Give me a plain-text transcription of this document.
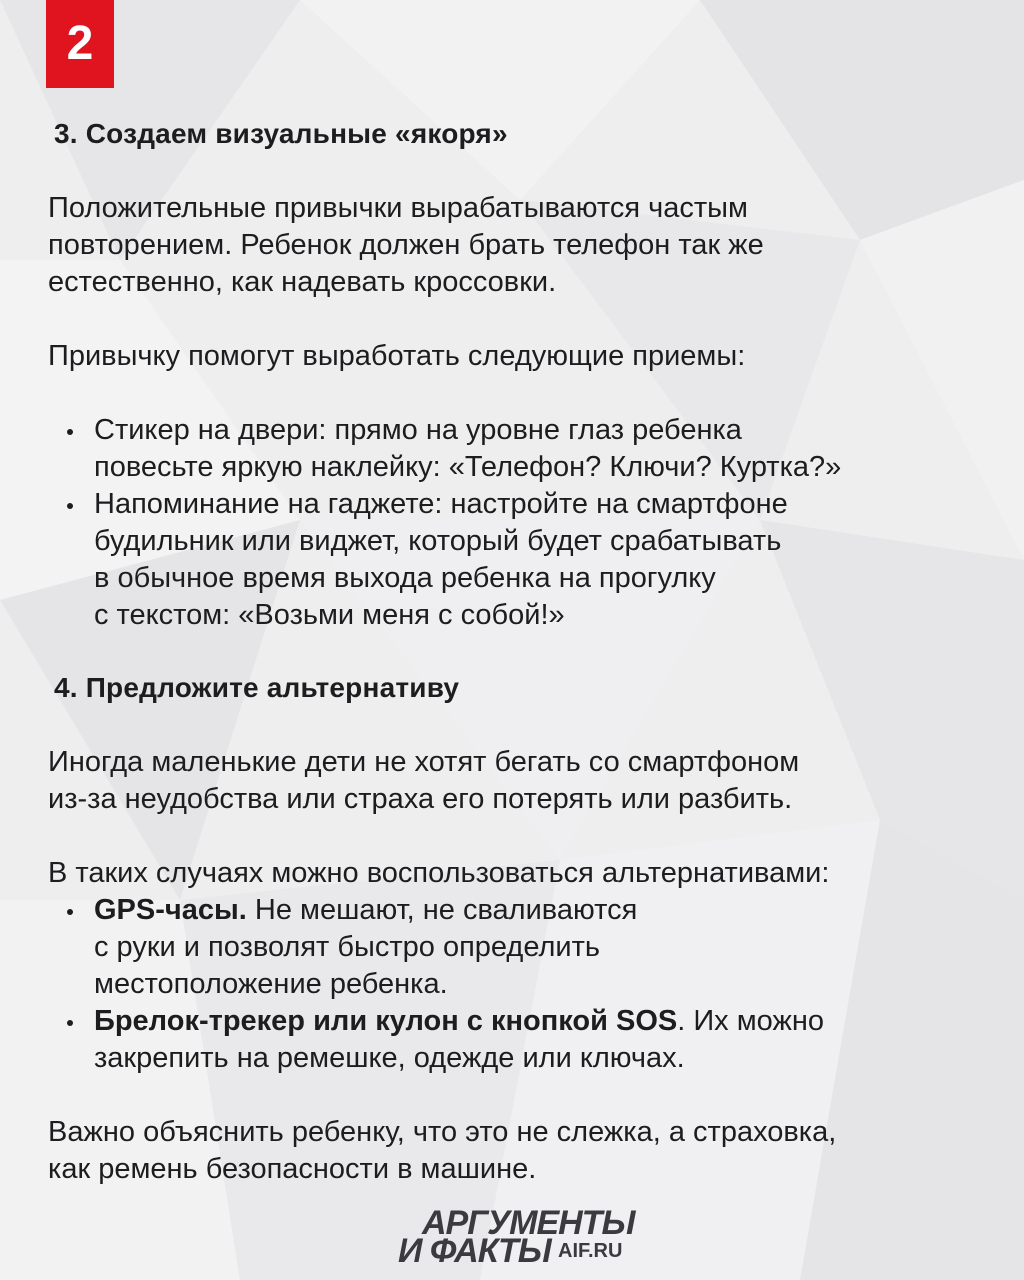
2
3. Создаем визуальные «якоря»
Положительные привычки вырабатываются частым
повторением. Ребенок должен брать телефон так же
естественно, как надевать кроссовки.
Привычку помогут выработать следующие приемы:
Стикер на двери: прямо на уровне глаз ребенка
повесьте яркую наклейку: «Телефон? Ключи? Куртка?»
Напоминание на гаджете: настройте на смартфоне
будильник или виджет, который будет срабатывать
в обычное время выхода ребенка на прогулку
с текстом: «Возьми меня с собой!»
4. Предложите альтернативу
Иногда маленькие дети не хотят бегать со смартфоном
из-за неудобства или страха его потерять или разбить.
В таких случаях можно воспользоваться альтернативами:
GPS-часы. Не мешают, не сваливаются
с руки и позволят быстро определить
местоположение ребенка.
Брелок-трекер или кулон с кнопкой SOS. Их можно
закрепить на ремешке, одежде или ключах.
Важно объяснить ребенку, что это не слежка, а страховка,
как ремень безопасности в машине.
АРГУМЕНТЫ
И ФАКТЫ AIF.RU
